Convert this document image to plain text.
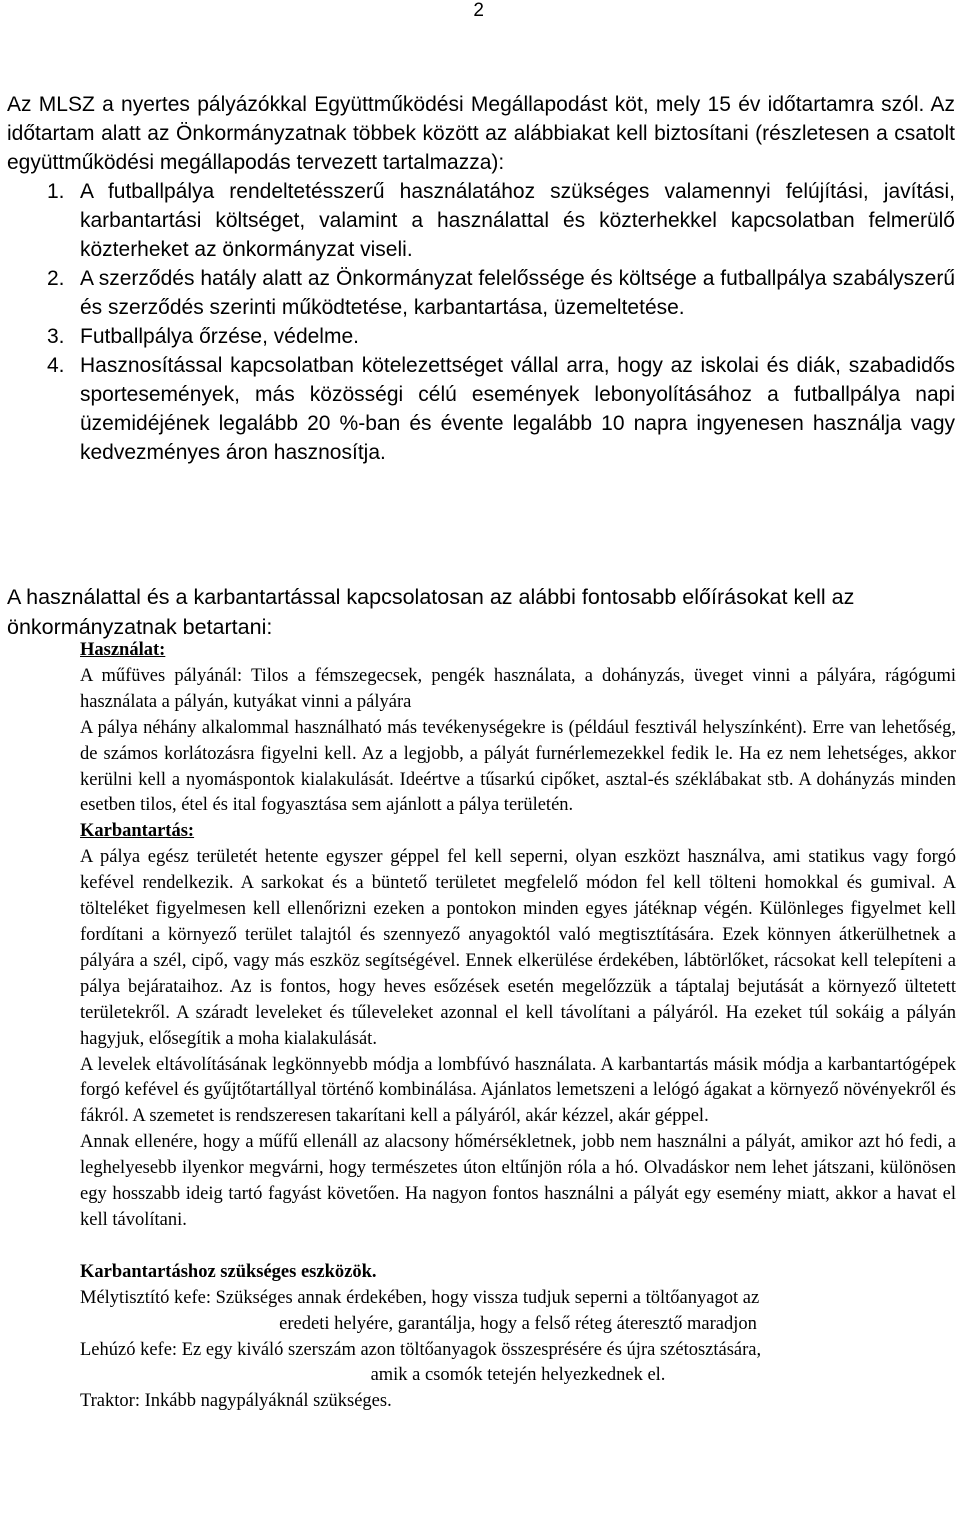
2

Az MLSZ a nyertes pályázókkal Együttműködési Megállapodást köt, mely 15 év időtartamra szól. Az időtartam alatt az Önkormányzatnak többek között az alábbiakat kell biztosítani (részletesen a csatolt együttműködési megállapodás tervezett tartalmazza):

1. A futballpálya rendeltetésszerű használatához szükséges valamennyi felújítási, javítási, karbantartási költséget, valamint a használattal és közterhekkel kapcsolatban felmerülő közterheket az önkormányzat viseli.
2. A szerződés hatály alatt az Önkormányzat felelőssége és költsége a futballpálya szabályszerű és szerződés szerinti működtetése, karbantartása, üzemeltetése.
3. Futballpálya őrzése, védelme.
4. Hasznosítással kapcsolatban kötelezettséget vállal arra, hogy az iskolai és diák, szabadidős sportesemények, más közösségi célú események lebonyolításához a futballpálya napi üzemidéjének legalább 20 %-ban és évente legalább 10 napra ingyenesen használja vagy kedvezményes áron hasznosítja.
A használattal és a karbantartással kapcsolatosan az alábbi fontosabb előírásokat kell az önkormányzatnak betartani:

Használat:

A műfüves pályánál: Tilos a fémszegecsek, pengék használata, a dohányzás, üveget vinni a pályára, rágógumi használata a pályán, kutyákat vinni a pályára

A pálya néhány alkalommal használható más tevékenységekre is (például fesztivál helyszínként). Erre van lehetőség, de számos korlátozásra figyelni kell. Az a legjobb, a pályát furnérlemezekkel fedik le. Ha ez nem lehetséges, akkor kerülni kell a nyomáspontok kialakulását. Ideértve a tűsarkú cipőket, asztal-és széklábakat stb. A dohányzás minden esetben tilos, étel és ital fogyasztása sem ajánlott a pálya területén.

Karbantartás:

A pálya egész területét hetente egyszer géppel fel kell seperni, olyan eszközt használva, ami statikus vagy forgó kefével rendelkezik. A sarkokat és a büntető területet megfelelő módon fel kell tölteni homokkal és gumival. A tölteléket figyelmesen kell ellenőrizni ezeken a pontokon minden egyes játéknap végén. Különleges figyelmet kell fordítani a környező terület talajtól és szennyező anyagoktól való megtisztítására. Ezek könnyen átkerülhetnek a pályára a szél, cipő, vagy más eszköz segítségével. Ennek elkerülése érdekében, lábtörlőket, rácsokat kell telepíteni a pálya bejárataihoz. Az is fontos, hogy heves esőzések esetén megelőzzük a táptalaj bejutását a környező ültetett területekről. A száradt leveleket és tűleveleket azonnal el kell távolítani a pályáról. Ha ezeket túl sokáig a pályán hagyjuk, elősegítik a moha kialakulását.

A levelek eltávolításának legkönnyebb módja a lombfúvó használata. A karbantartás másik módja a karbantartógépek forgó kefével és gyűjtőtartállyal történő kombinálása. Ajánlatos lemetszeni a lelógó ágakat a környező növényekről és fákról. A szemetet is rendszeresen takarítani kell a pályáról, akár kézzel, akár géppel.

Annak ellenére, hogy a műfű ellenáll az alacsony hőmérsékletnek, jobb nem használni a pályát, amikor azt hó fedi, a leghelyesebb ilyenkor megvárni, hogy természetes úton eltűnjön róla a hó. Olvadáskor nem lehet játszani, különösen egy hosszabb ideig tartó fagyást követően. Ha nagyon fontos használni a pályát egy esemény miatt, akkor a havat el kell távolítani.

Karbantartáshoz szükséges eszközök.

Mélytisztító kefe: Szükséges annak érdekében, hogy vissza tudjuk seperni a töltőanyagot az
eredeti helyére, garantálja, hogy a felső réteg áteresztő maradjon
Lehúzó kefe: Ez egy kiváló szerszám azon töltőanyagok összesprésére és újra szétosztására,
amik a csomók tetején helyezkednek el.
Traktor: Inkább nagypályáknál szükséges.
